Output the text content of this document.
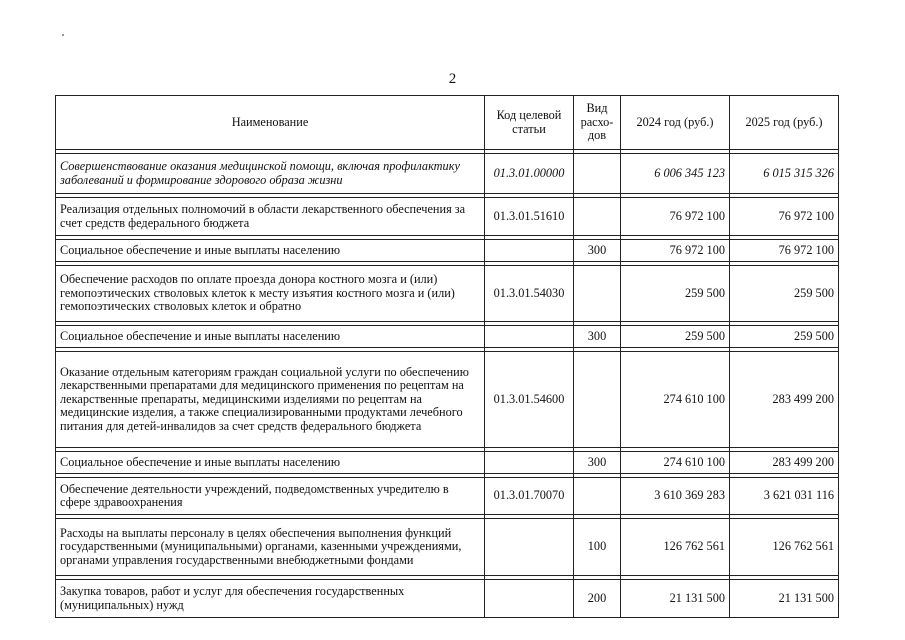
2
Наименование	Код целевой статьи	Вид расхо-дов	2024 год (руб.)	2025 год (руб.)

Совершенствование оказания медицинской помощи, включая профилактику заболеваний и формирование здорового образа жизни	01.3.01.00000		6 006 345 123	6 015 315 326

Реализация отдельных полномочий в области лекарственного обеспечения за счет средств федерального бюджета	01.3.01.51610		76 972 100	76 972 100

Социальное обеспечение и иные выплаты населению		300	76 972 100	76 972 100

Обеспечение расходов по оплате проезда донора костного мозга и (или) гемопоэтических стволовых клеток к месту изъятия костного мозга и (или) гемопоэтических стволовых клеток и обратно	01.3.01.54030		259 500	259 500

Социальное обеспечение и иные выплаты населению		300	259 500	259 500

Оказание отдельным категориям граждан социальной услуги по обеспечению лекарственными препаратами для медицинского применения по рецептам на лекарственные препараты, медицинскими изделиями по рецептам на медицинские изделия, а также специализированными продуктами лечебного питания для детей-инвалидов за счет средств федерального бюджета	01.3.01.54600		274 610 100	283 499 200

Социальное обеспечение и иные выплаты населению		300	274 610 100	283 499 200

Обеспечение деятельности учреждений, подведомственных учредителю в сфере здравоохранения	01.3.01.70070		3 610 369 283	3 621 031 116

Расходы на выплаты персоналу в целях обеспечения выполнения функций государственными (муниципальными) органами, казенными учреждениями, органами управления государственными внебюджетными фондами		100	126 762 561	126 762 561

Закупка товаров, работ и услуг для обеспечения государственных (муниципальных) нужд		200	21 131 500	21 131 500
